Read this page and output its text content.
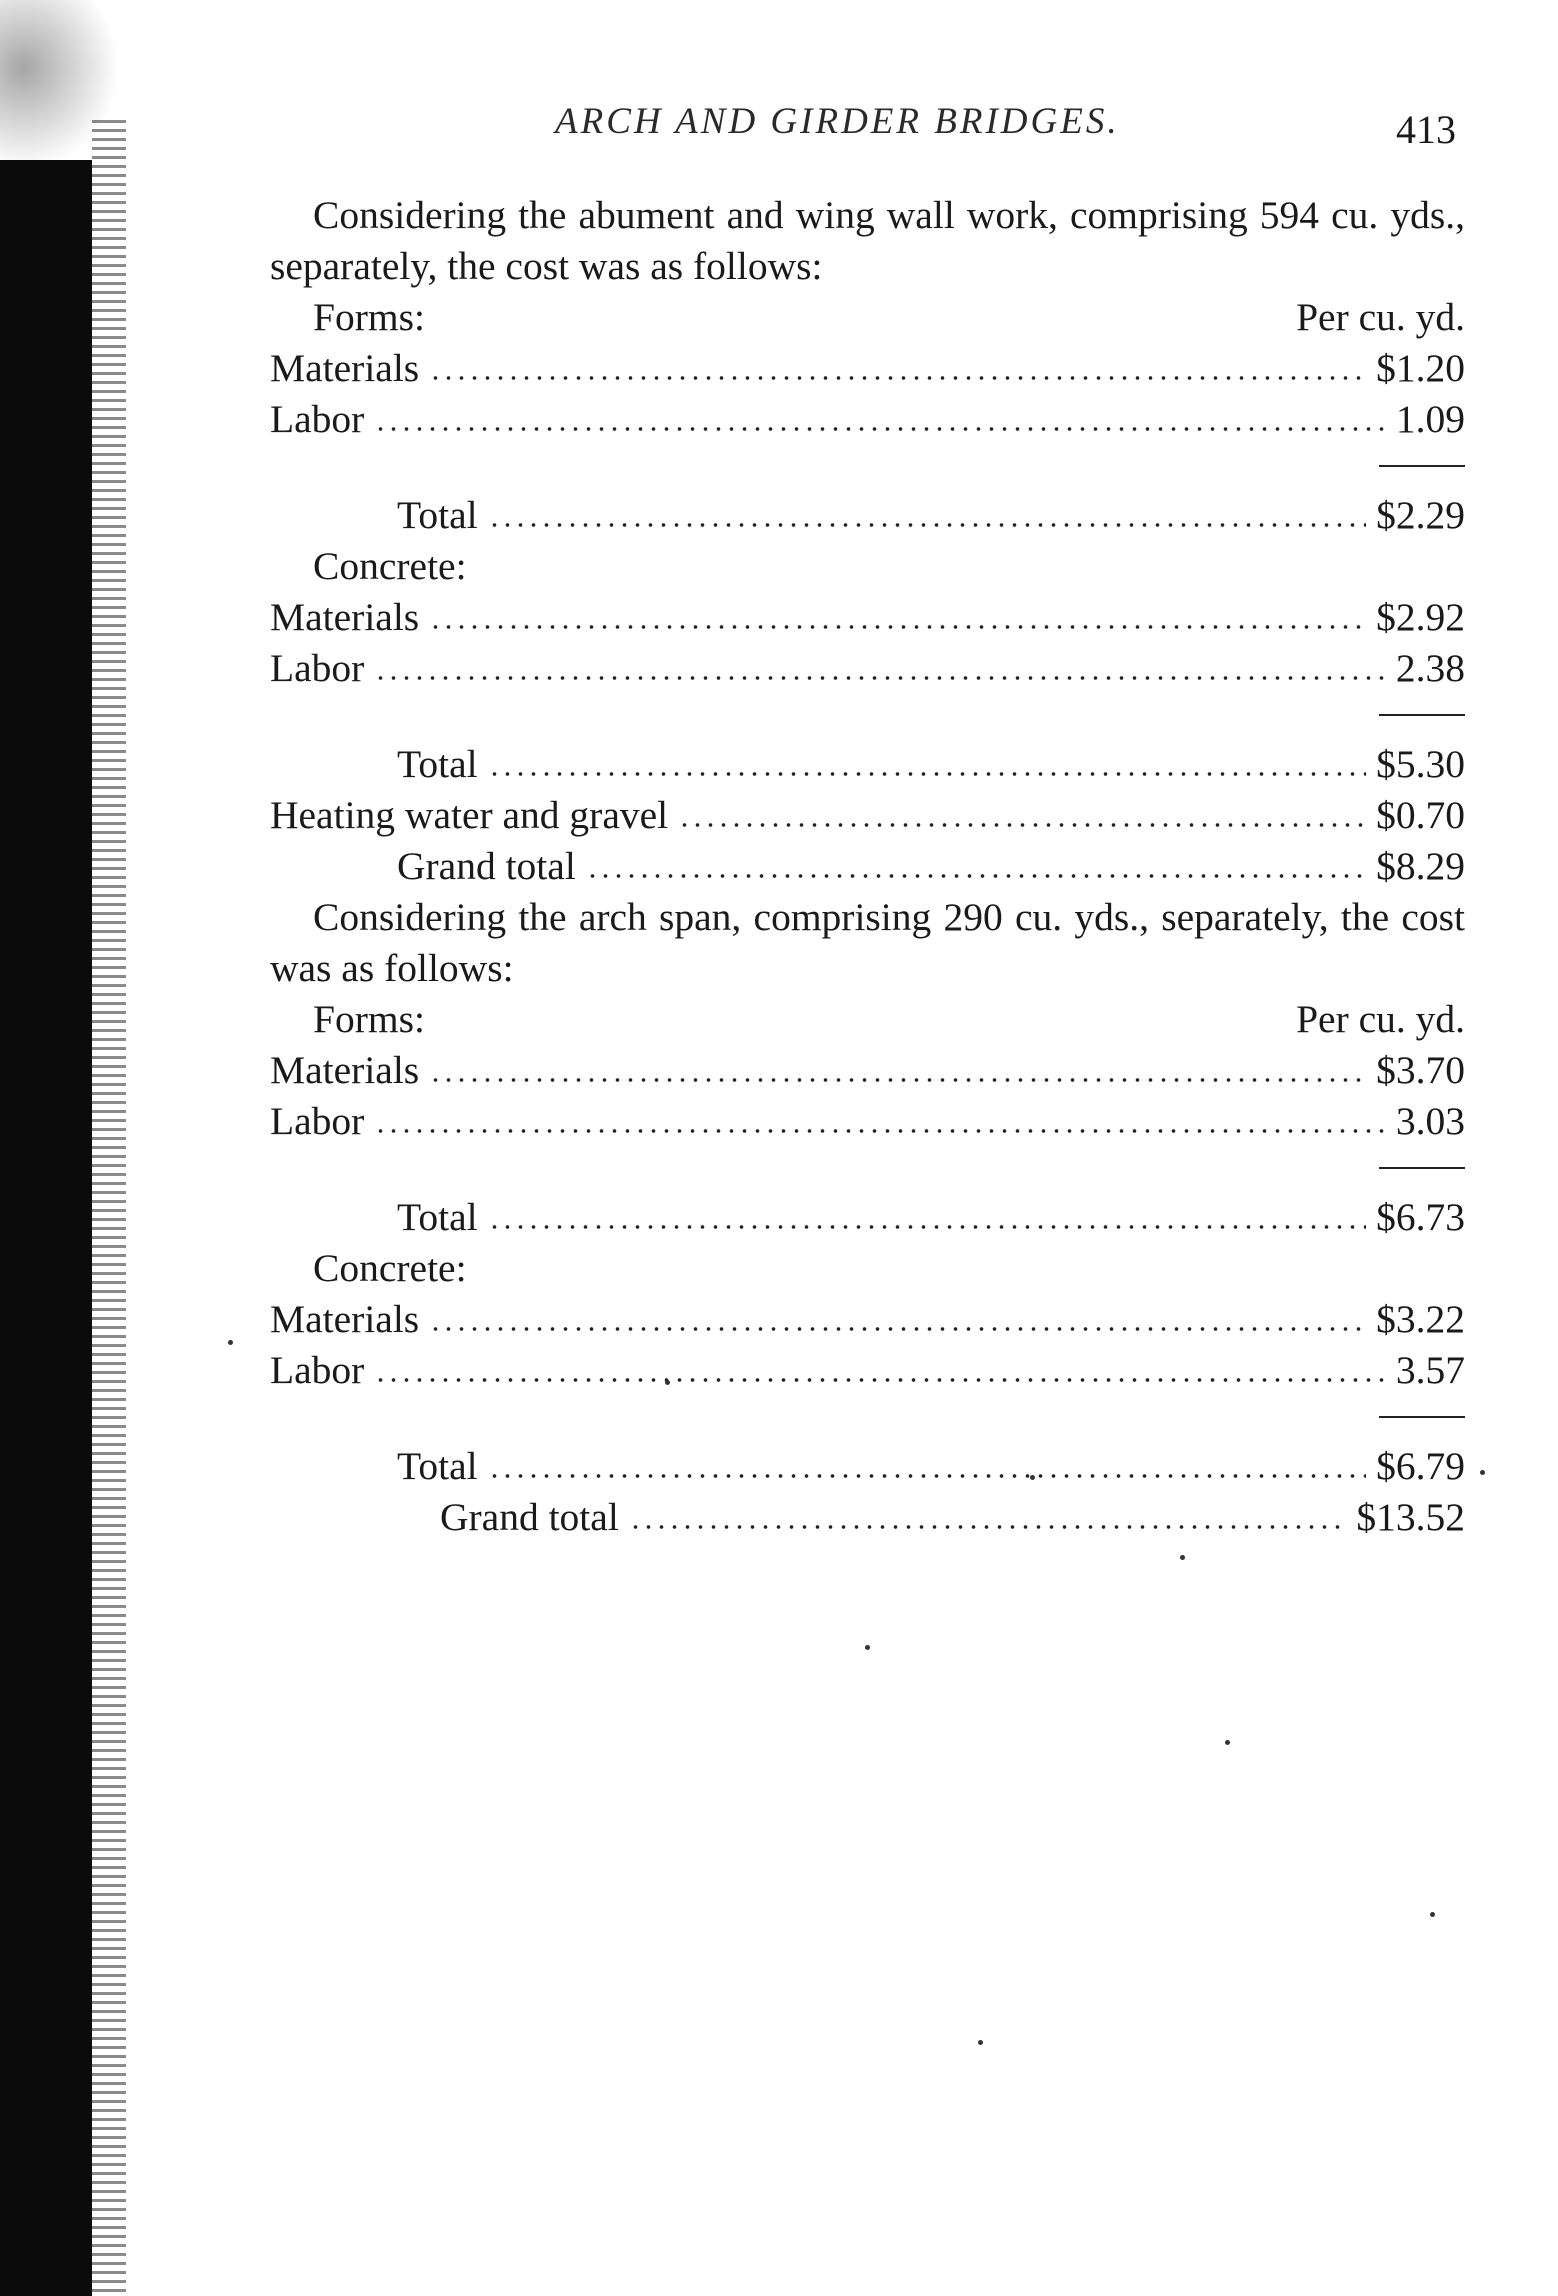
ARCH AND GIRDER BRIDGES.	413

Considering the abument and wing wall work, comprising 594 cu. yds., separately, the cost was as follows:

Forms:	Per cu. yd.
Materials	$1.20
Labor	1.09
Total	$2.29
Concrete:
Materials	$2.92
Labor	2.38
Total	$5.30
Heating water and gravel	$0.70
Grand total	$8.29

Considering the arch span, comprising 290 cu. yds., separately, the cost was as follows:

Forms:	Per cu. yd.
Materials	$3.70
Labor	3.03
Total	$6.73
Concrete:
Materials	$3.22
Labor	3.57
Total	$6.79
Grand total	$13.52
